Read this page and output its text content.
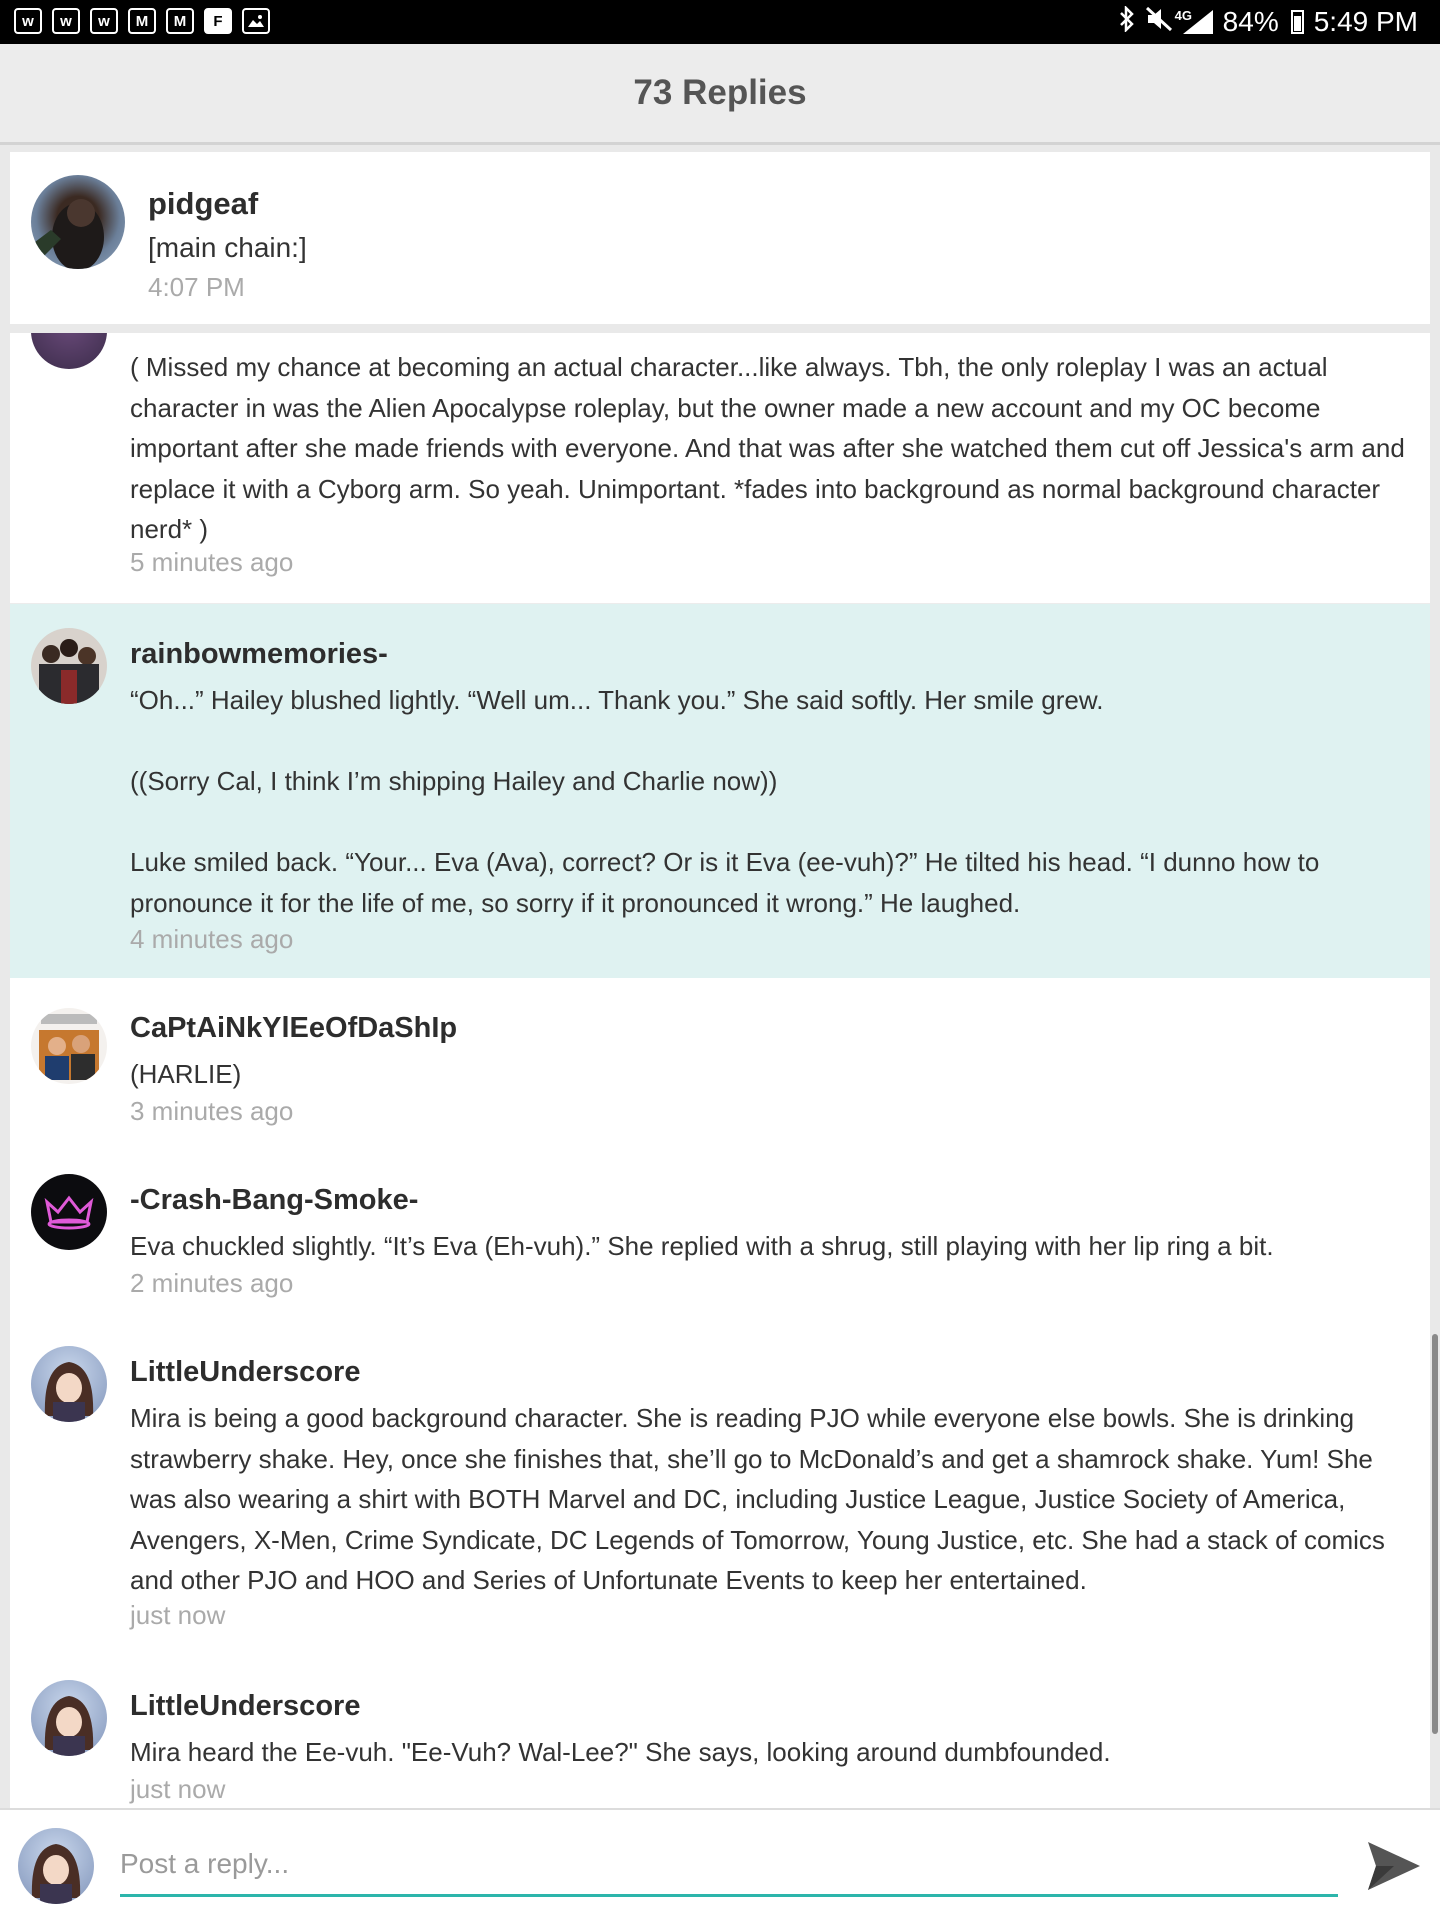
w	w	w	M	M	F	4G 84% 5:49 PM
73 Replies
pidgeaf
[main chain:]
4:07 PM
( Missed my chance at becoming an actual character...like always. Tbh, the only roleplay I was an actual character in was the Alien Apocalypse roleplay, but the owner made a new account and my OC become important after she made friends with everyone. And that was after she watched them cut off Jessica's arm and replace it with a Cyborg arm. So yeah. Unimportant. *fades into background as normal background character nerd* )
5 minutes ago
rainbowmemories-
“Oh...” Hailey blushed lightly. “Well um... Thank you.” She said softly. Her smile grew.

((Sorry Cal, I think I’m shipping Hailey and Charlie now))

Luke smiled back. “Your... Eva (Ava), correct? Or is it Eva (ee-vuh)?” He tilted his head. “I dunno how to pronounce it for the life of me, so sorry if it pronounced it wrong.” He laughed.
4 minutes ago
CaPtAiNkYlEeOfDaShIp
(HARLIE)
3 minutes ago
-Crash-Bang-Smoke-
Eva chuckled slightly. “It’s Eva (Eh-vuh).” She replied with a shrug, still playing with her lip ring a bit.
2 minutes ago
LittleUnderscore
Mira is being a good background character. She is reading PJO while everyone else bowls. She is drinking strawberry shake. Hey, once she finishes that, she’ll go to McDonald’s and get a shamrock shake. Yum! She was also wearing a shirt with BOTH Marvel and DC, including Justice League, Justice Society of America, Avengers, X-Men, Crime Syndicate, DC Legends of Tomorrow, Young Justice, etc. She had a stack of comics and other PJO and HOO and Series of Unfortunate Events to keep her entertained.
just now
LittleUnderscore
Mira heard the Ee-vuh. "Ee-Vuh? Wal-Lee?" She says, looking around dumbfounded.
just now
Post a reply...
